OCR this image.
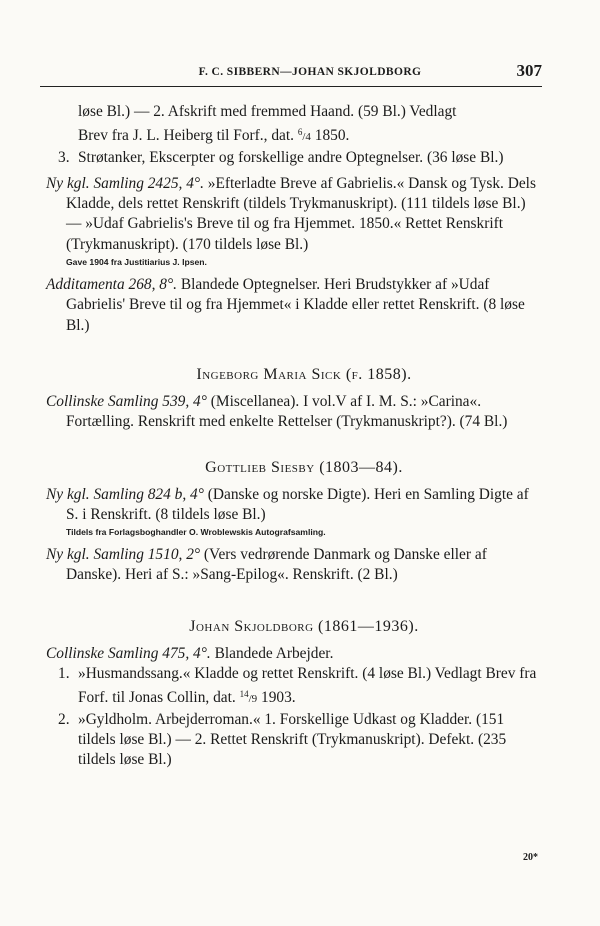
F. C. SIBBERN—JOHAN SKJOLDBORG	307

løse Bl.) — 2. Afskrift med fremmed Haand. (59 Bl.) Vedlagt
Brev fra J. L. Heiberg til Forf., dat. $^6$/4 1850.

3. Strøtanker, Ekscerpter og forskellige andre Optegnelser. (36 løse Bl.)

Ny kgl. Samling 2425, 4°. »Efterladte Breve af Gabrielis.« Dansk og Tysk. Dels Kladde, dels rettet Renskrift (tildels Trykmanuskript). (111 tildels løse Bl.) — »Udaf Gabrielis's Breve til og fra Hjemmet. 1850.« Rettet Renskrift (Trykmanuskript). (170 tildels løse Bl.)

Gave 1904 fra Justitiarius J. Ipsen.

Additamenta 268, 8°. Blandede Optegnelser. Heri Brudstykker af »Udaf Gabrielis' Breve til og fra Hjemmet« i Kladde eller rettet Renskrift. (8 løse Bl.)

Ingeborg Maria Sick (f. 1858).

Collinske Samling 539, 4° (Miscellanea). I vol.V af I. M. S.: »Carina«. Fortælling. Renskrift med enkelte Rettelser (Trykmanuskript?). (74 Bl.)

Gottlieb Siesby (1803—84).

Ny kgl. Samling 824 b, 4° (Danske og norske Digte). Heri en Samling Digte af S. i Renskrift. (8 tildels løse Bl.)

Tildels fra Forlagsboghandler O. Wroblewskis Autografsamling.

Ny kgl. Samling 1510, 2° (Vers vedrørende Danmark og Danske eller af Danske). Heri af S.: »Sang-Epilog«. Renskrift. (2 Bl.)

Johan Skjoldborg (1861—1936).

Collinske Samling 475, 4°. Blandede Arbejder.

1. »Husmandssang.« Kladde og rettet Renskrift. (4 løse Bl.) Vedlagt Brev fra Forf. til Jonas Collin, dat. $^{14}$/9 1903.
2. »Gyldholm. Arbejderroman.« 1. Forskellige Udkast og Kladder. (151 tildels løse Bl.) — 2. Rettet Renskrift (Trykmanuskript). Defekt. (235 tildels løse Bl.)
20*
